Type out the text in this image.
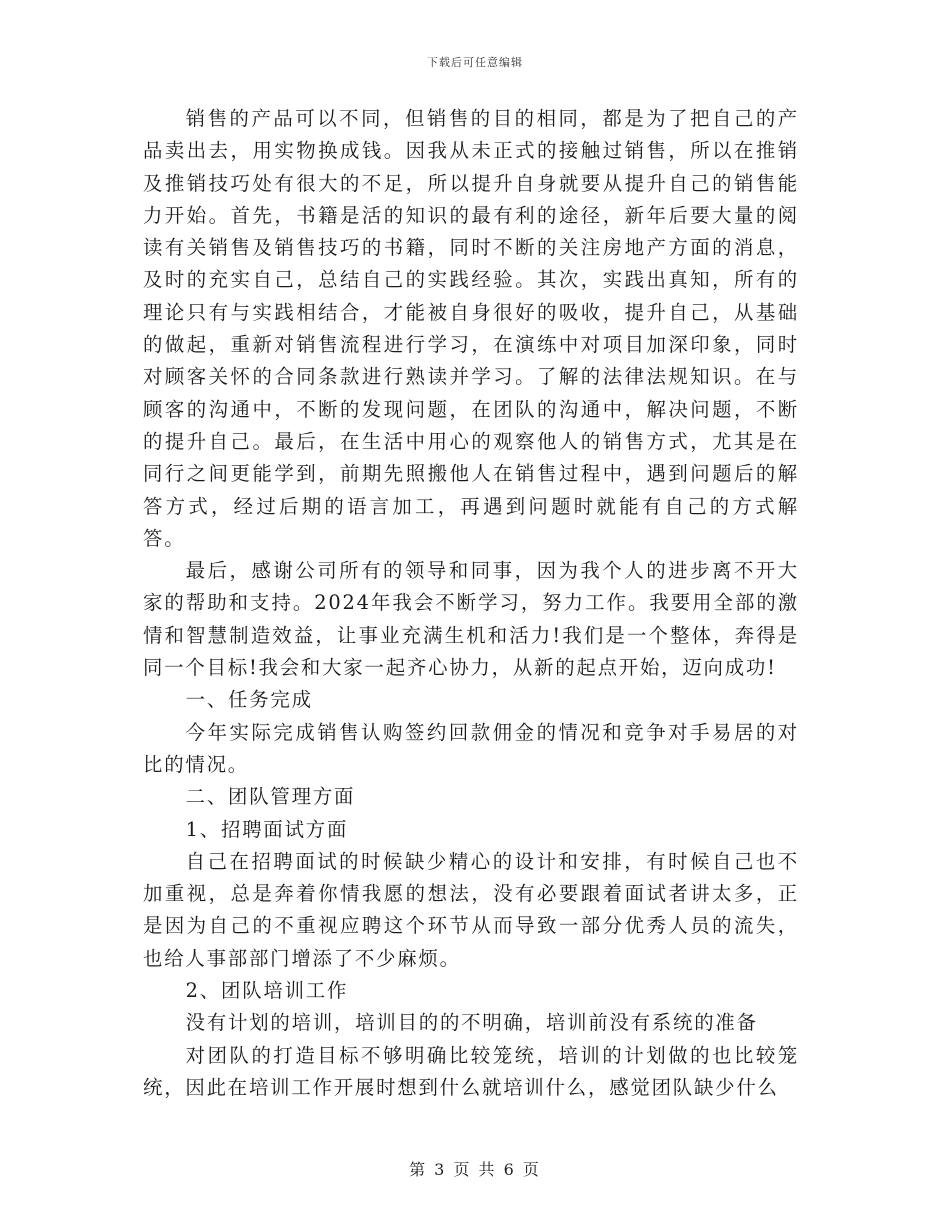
下载后可任意编辑

销售的产品可以不同，但销售的目的相同，都是为了把自己的产品卖出去，用实物换成钱。因我从未正式的接触过销售，所以在推销及推销技巧处有很大的不足，所以提升自身就要从提升自己的销售能力开始。首先，书籍是活的知识的最有利的途径，新年后要大量的阅读有关销售及销售技巧的书籍，同时不断的关注房地产方面的消息，及时的充实自己，总结自己的实践经验。其次，实践出真知，所有的理论只有与实践相结合，才能被自身很好的吸收，提升自己，从基础的做起，重新对销售流程进行学习，在演练中对项目加深印象，同时对顾客关怀的合同条款进行熟读并学习。了解的法律法规知识。在与顾客的沟通中，不断的发现问题，在团队的沟通中，解决问题，不断的提升自己。最后，在生活中用心的观察他人的销售方式，尤其是在同行之间更能学到，前期先照搬他人在销售过程中，遇到问题后的解答方式，经过后期的语言加工，再遇到问题时就能有自己的方式解答。

最后，感谢公司所有的领导和同事，因为我个人的进步离不开大家的帮助和支持。2024年我会不断学习，努力工作。我要用全部的激情和智慧制造效益，让事业充满生机和活力!我们是一个整体，奔得是同一个目标!我会和大家一起齐心协力，从新的起点开始，迈向成功!

一、任务完成

今年实际完成销售认购签约回款佣金的情况和竞争对手易居的对比的情况。

二、团队管理方面

1、招聘面试方面

自己在招聘面试的时候缺少精心的设计和安排，有时候自己也不加重视，总是奔着你情我愿的想法，没有必要跟着面试者讲太多，正是因为自己的不重视应聘这个环节从而导致一部分优秀人员的流失，也给人事部部门增添了不少麻烦。

2、团队培训工作

没有计划的培训，培训目的的不明确，培训前没有系统的准备

对团队的打造目标不够明确比较笼统，培训的计划做的也比较笼统，因此在培训工作开展时想到什么就培训什么，感觉团队缺少什么

第 3 页 共 6 页
